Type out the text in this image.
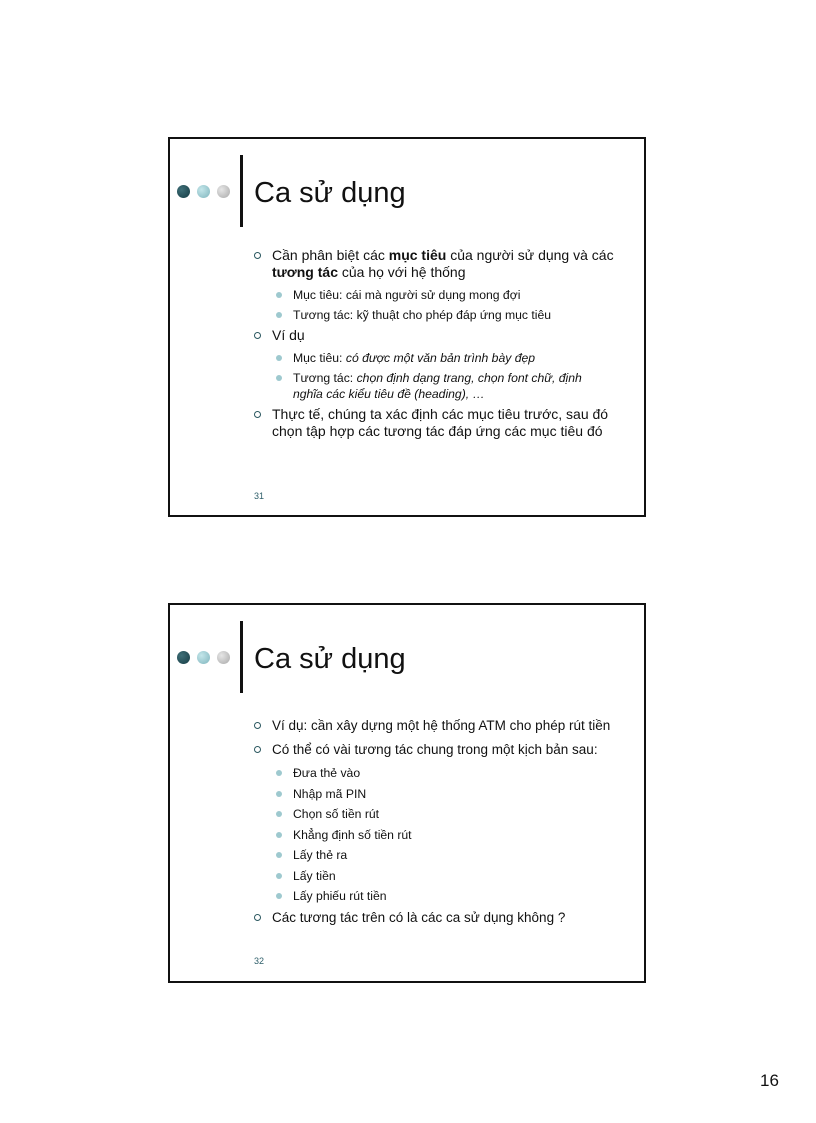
Ca sử dụng
Cần phân biệt các mục tiêu của người sử dụng và các tương tác của họ với hệ thống
Mục tiêu: cái mà người sử dụng mong đợi
Tương tác: kỹ thuật cho phép đáp ứng mục tiêu
Ví dụ
Mục tiêu: có được một văn bản trình bày đẹp
Tương tác: chọn định dạng trang, chọn font chữ, định nghĩa các kiểu tiêu đề (heading), …
Thực tế, chúng ta xác định các mục tiêu trước, sau đó chọn tập hợp các tương tác đáp ứng các mục tiêu đó
31
Ca sử dụng
Ví dụ: cần xây dựng một hệ thống ATM cho phép rút tiền
Có thể có vài tương tác chung trong một kịch bản sau:
Đưa thẻ vào
Nhập mã PIN
Chọn số tiền rút
Khẳng định số tiền rút
Lấy thẻ ra
Lấy tiền
Lấy phiếu rút tiền
Các tương tác trên có là các ca sử dụng không ?
32
16
